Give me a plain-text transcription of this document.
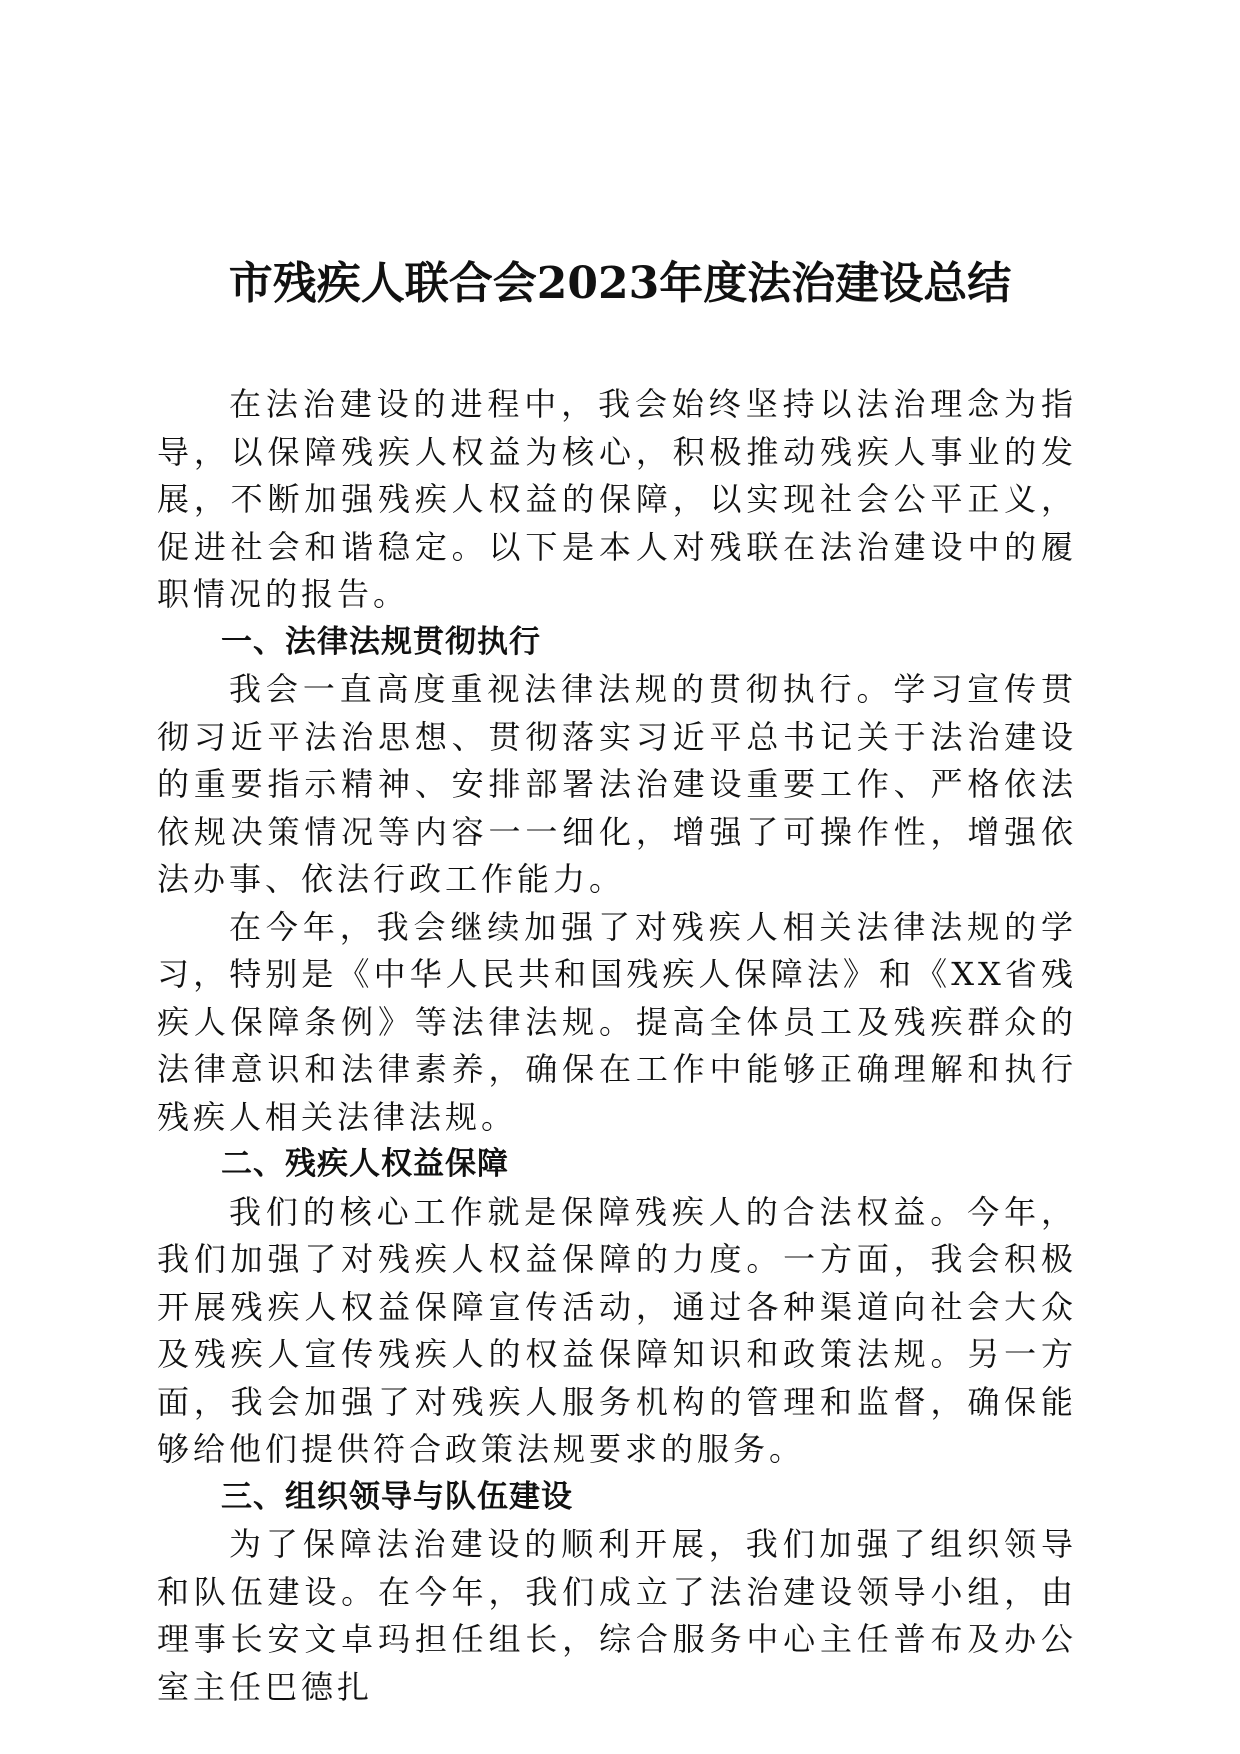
市残疾人联合会2023年度法治建设总结

在法治建设的进程中，我会始终坚持以法治理念为指导，以保障残疾人权益为核心，积极推动残疾人事业的发展，不断加强残疾人权益的保障，以实现社会公平正义，促进社会和谐稳定。以下是本人对残联在法治建设中的履职情况的报告。

一、法律法规贯彻执行

我会一直高度重视法律法规的贯彻执行。学习宣传贯彻习近平法治思想、贯彻落实习近平总书记关于法治建设的重要指示精神、安排部署法治建设重要工作、严格依法依规决策情况等内容一一细化，增强了可操作性，增强依法办事、依法行政工作能力。

在今年，我会继续加强了对残疾人相关法律法规的学习，特别是《中华人民共和国残疾人保障法》和《XX省残疾人保障条例》等法律法规。提高全体员工及残疾群众的法律意识和法律素养，确保在工作中能够正确理解和执行残疾人相关法律法规。

二、残疾人权益保障

我们的核心工作就是保障残疾人的合法权益。今年，我们加强了对残疾人权益保障的力度。一方面，我会积极开展残疾人权益保障宣传活动，通过各种渠道向社会大众及残疾人宣传残疾人的权益保障知识和政策法规。另一方面，我会加强了对残疾人服务机构的管理和监督，确保能够给他们提供符合政策法规要求的服务。

三、组织领导与队伍建设

为了保障法治建设的顺利开展，我们加强了组织领导和队伍建设。在今年，我们成立了法治建设领导小组，由理事长安文卓玛担任组长，综合服务中心主任普布及办公室主任巴德扎
